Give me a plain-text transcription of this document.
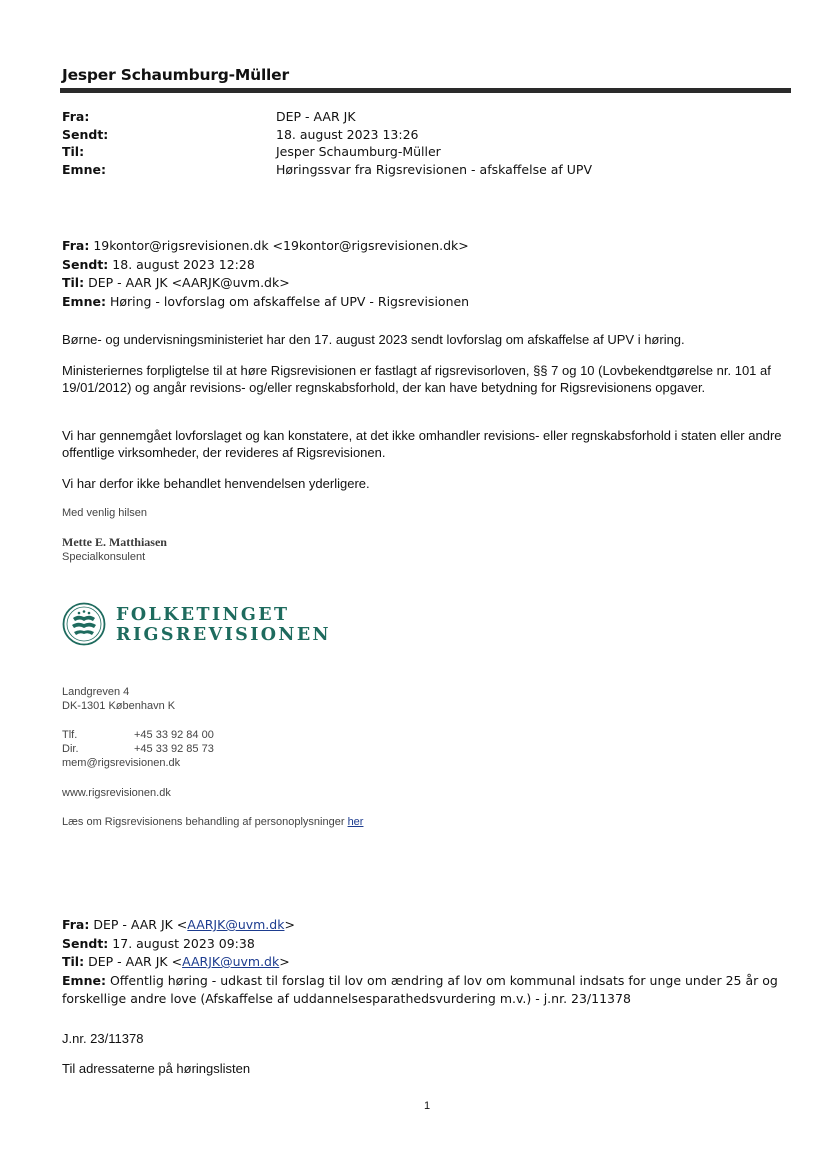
Jesper Schaumburg-Müller
Fra:	DEP - AAR JK
Sendt:	18. august 2023 13:26
Til:	Jesper Schaumburg-Müller
Emne:	Høringssvar fra Rigsrevisionen - afskaffelse af UPV
Fra: 19kontor@rigsrevisionen.dk <19kontor@rigsrevisionen.dk>
Sendt: 18. august 2023 12:28
Til: DEP - AAR JK <AARJK@uvm.dk>
Emne: Høring - lovforslag om afskaffelse af UPV - Rigsrevisionen
Børne- og undervisningsministeriet har den 17. august 2023 sendt lovforslag om afskaffelse af UPV i høring.
Ministeriernes forpligtelse til at høre Rigsrevisionen er fastlagt af rigsrevisorloven, §§ 7 og 10 (Lovbekendtgørelse nr. 101 af 19/01/2012) og angår revisions- og/eller regnskabsforhold, der kan have betydning for Rigsrevisionens opgaver.
Vi har gennemgået lovforslaget og kan konstatere, at det ikke omhandler revisions- eller regnskabsforhold i staten eller andre offentlige virksomheder, der revideres af Rigsrevisionen.
Vi har derfor ikke behandlet henvendelsen yderligere.
Med venlig hilsen
Mette E. Matthiasen
Specialkonsulent
FOLKETINGET
RIGSREVISIONEN
Landgreven 4
DK-1301 København K
Tlf.	+45 33 92 84 00
Dir.	+45 33 92 85 73
mem@rigsrevisionen.dk
www.rigsrevisionen.dk
Læs om Rigsrevisionens behandling af personoplysninger her
Fra: DEP - AAR JK <AARJK@uvm.dk>
Sendt: 17. august 2023 09:38
Til: DEP - AAR JK <AARJK@uvm.dk>
Emne: Offentlig høring - udkast til forslag til lov om ændring af lov om kommunal indsats for unge under 25 år og forskellige andre love (Afskaffelse af uddannelsesparathedsvurdering m.v.) - j.nr. 23/11378
J.nr. 23/11378
Til adressaterne på høringslisten
1
